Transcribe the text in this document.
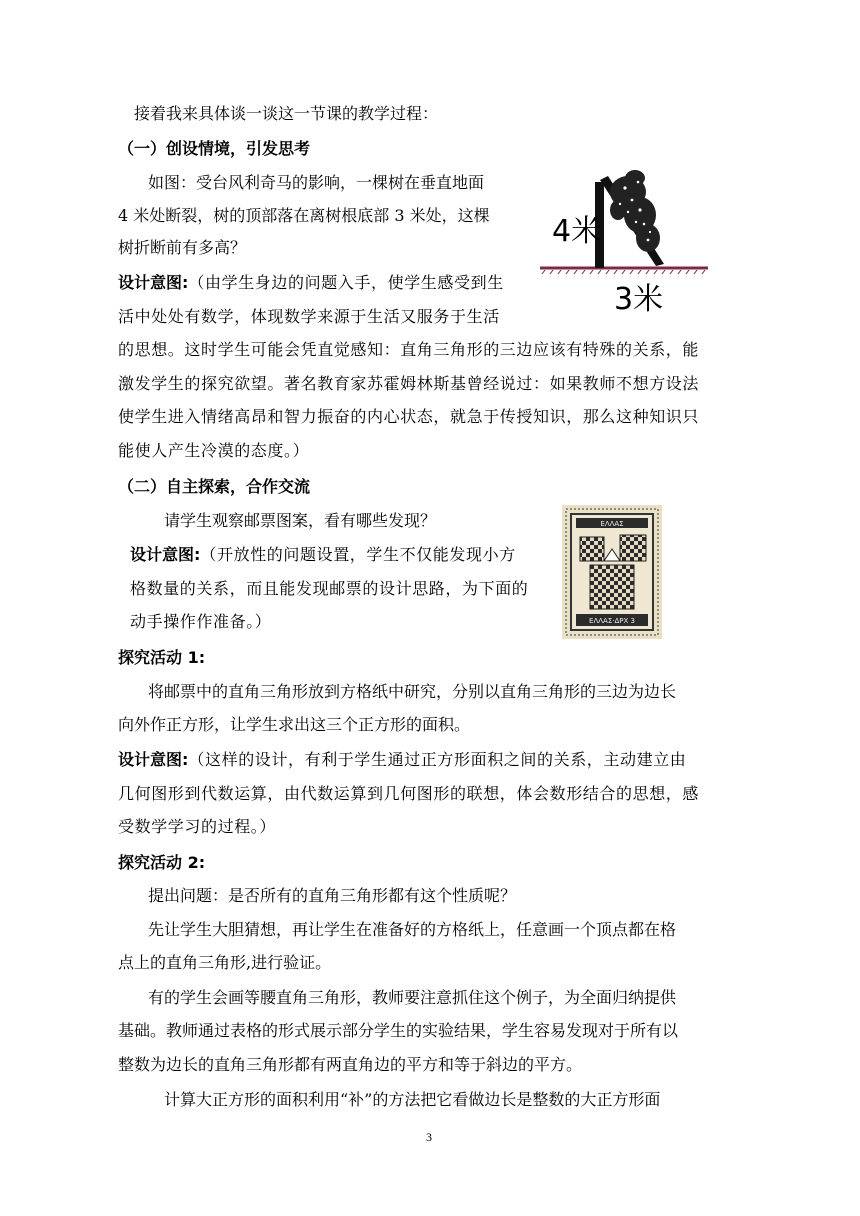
接着我来具体谈一谈这一节课的教学过程：
（一）创设情境，引发思考
如图：受台风利奇马的影响，一棵树在垂直地面
4 米处断裂，树的顶部落在离树根底部 3 米处，这棵
树折断前有多高？
设计意图:（由学生身边的问题入手，使学生感受到生
活中处处有数学，体现数学来源于生活又服务于生活
的思想。这时学生可能会凭直觉感知：直角三角形的三边应该有特殊的关系，能
激发学生的探究欲望。著名教育家苏霍姆林斯基曾经说过：如果教师不想方设法
使学生进入情绪高昂和智力振奋的内心状态，就急于传授知识，那么这种知识只
能使人产生冷漠的态度。）
（二）自主探索，合作交流
请学生观察邮票图案，看有哪些发现？
设计意图:（开放性的问题设置，学生不仅能发现小方
格数量的关系，而且能发现邮票的设计思路，为下面的
动手操作作准备。）
探究活动 1:
将邮票中的直角三角形放到方格纸中研究，分别以直角三角形的三边为边长
向外作正方形，让学生求出这三个正方形的面积。
设计意图:（这样的设计，有利于学生通过正方形面积之间的关系，主动建立由
几何图形到代数运算，由代数运算到几何图形的联想，体会数形结合的思想，感
受数学学习的过程。）
探究活动 2:
提出问题：是否所有的直角三角形都有这个性质呢？
先让学生大胆猜想，再让学生在准备好的方格纸上，任意画一个顶点都在格
点上的直角三角形,进行验证。
有的学生会画等腰直角三角形，教师要注意抓住这个例子，为全面归纳提供
基础。教师通过表格的形式展示部分学生的实验结果，学生容易发现对于所有以
整数为边长的直角三角形都有两直角边的平方和等于斜边的平方。
计算大正方形的面积利用“补”的方法把它看做边长是整数的大正方形面
4米
3米
ΕΛΛΑΣ
ΕΛΛΑΣ·ΔΡΧ 3
3
